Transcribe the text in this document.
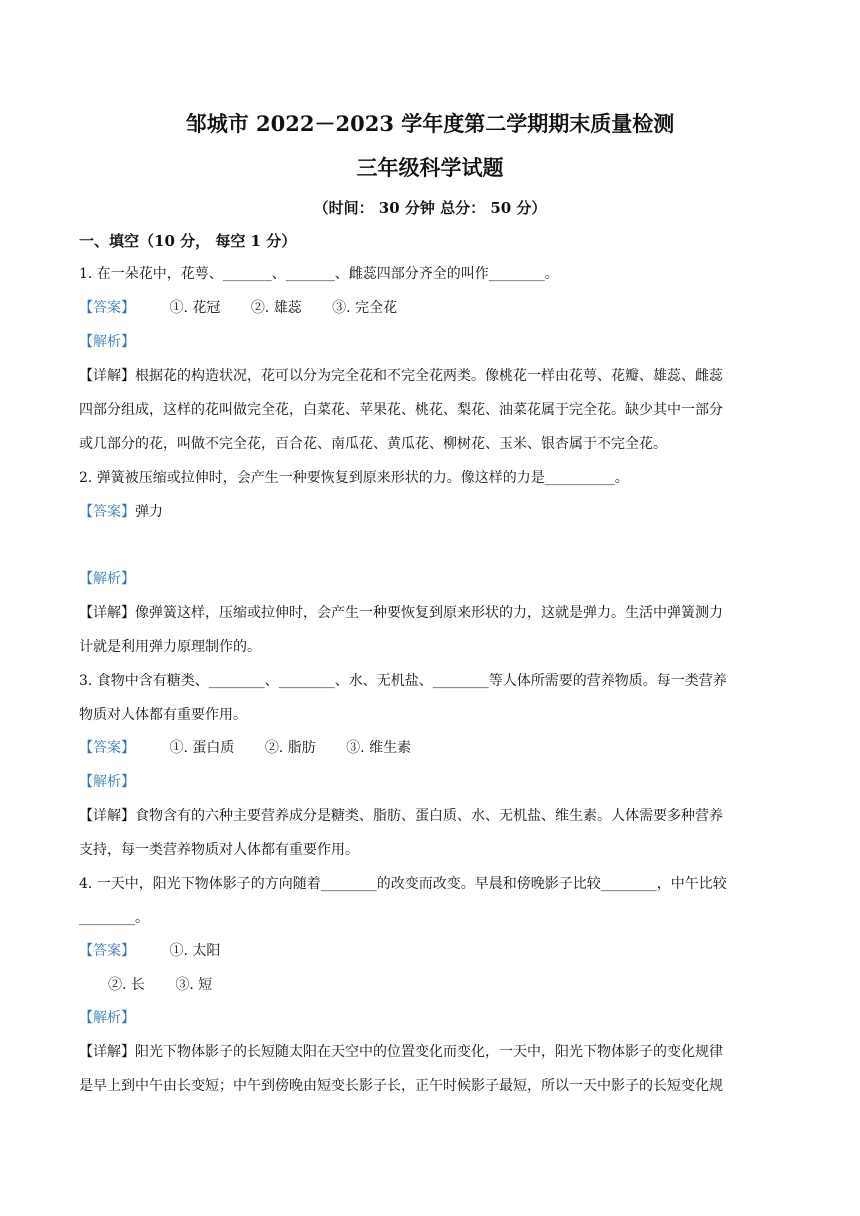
邹城市 2022－2023 学年度第二学期期末质量检测
三年级科学试题
（时间： 30 分钟 总分： 50 分）
一、填空（10 分， 每空 1 分）
1. 在一朵花中，花萼、_______、_______、雌蕊四部分齐全的叫作________。
【答案】 ①. 花冠 ②. 雄蕊 ③. 完全花
【解析】
【详解】根据花的构造状况，花可以分为完全花和不完全花两类。像桃花一样由花萼、花瓣、雄蕊、雌蕊
四部分组成，这样的花叫做完全花，白菜花、苹果花、桃花、梨花、油菜花属于完全花。缺少其中一部分
或几部分的花，叫做不完全花，百合花、南瓜花、黄瓜花、柳树花、玉米、银杏属于不完全花。
2. 弹簧被压缩或拉伸时，会产生一种要恢复到原来形状的力。像这样的力是__________。
【答案】弹力
【解析】
【详解】像弹簧这样，压缩或拉伸时，会产生一种要恢复到原来形状的力，这就是弹力。生活中弹簧测力
计就是利用弹力原理制作的。
3. 食物中含有糖类、________、________、水、无机盐、________等人体所需要的营养物质。每一类营养
物质对人体都有重要作用。
【答案】 ①. 蛋白质 ②. 脂肪 ③. 维生素
【解析】
【详解】食物含有的六种主要营养成分是糖类、脂肪、蛋白质、水、无机盐、维生素。人体需要多种营养
支持，每一类营养物质对人体都有重要作用。
4. 一天中，阳光下物体影子的方向随着________的改变而改变。早晨和傍晚影子比较________，中午比较
________。
【答案】 ①. 太阳
②. 长 ③. 短
【解析】
【详解】阳光下物体影子的长短随太阳在天空中的位置变化而变化，一天中，阳光下物体影子的变化规律
是早上到中午由长变短；中午到傍晚由短变长影子长，正午时候影子最短，所以一天中影子的长短变化规
